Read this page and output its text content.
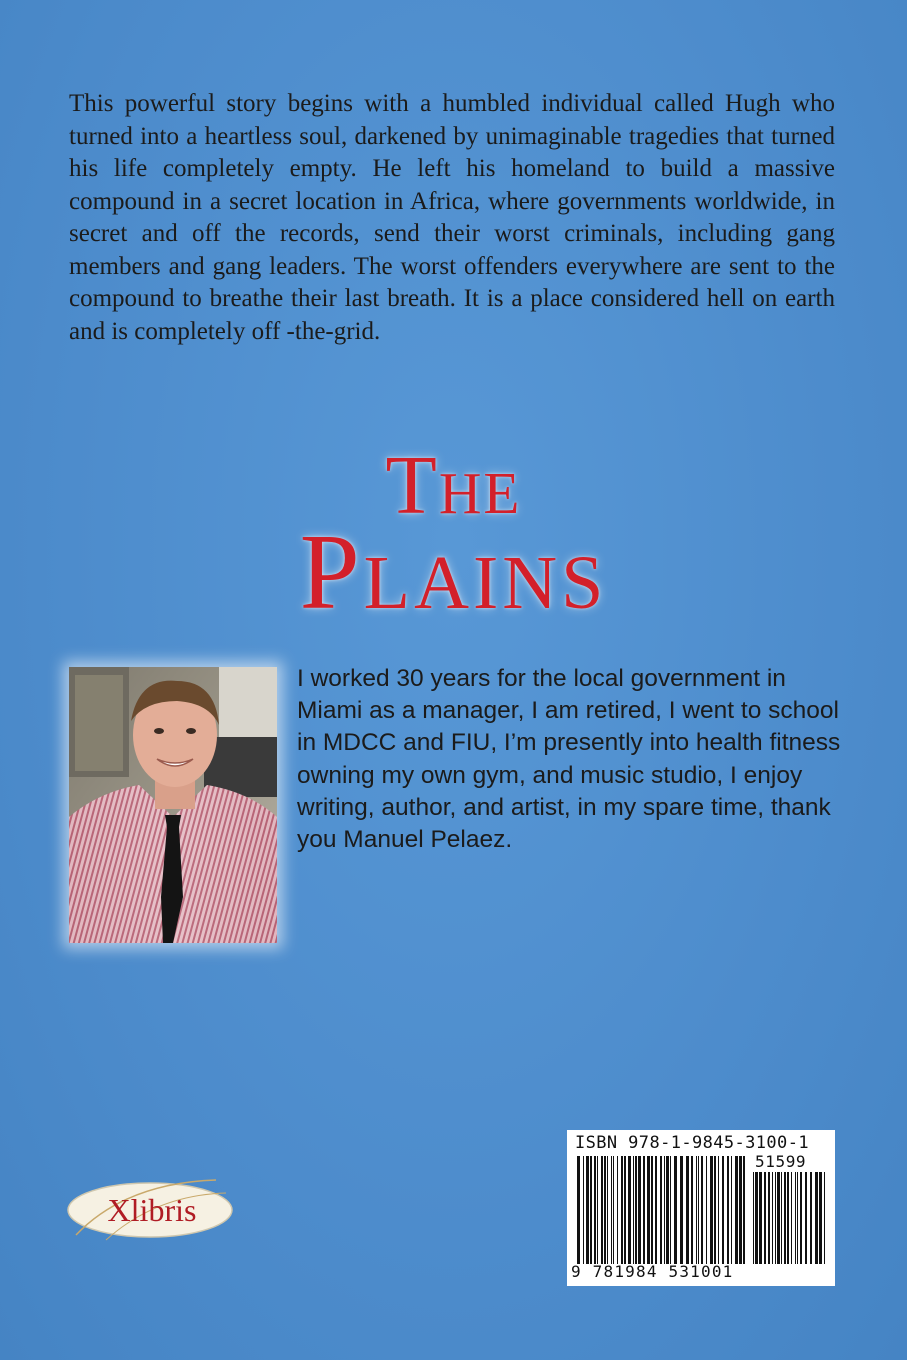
This powerful story begins with a humbled individual called Hugh who turned into a heartless soul, darkened by unimaginable tragedies that turned his life completely empty. He left his homeland to build a massive compound in a secret location in Africa, where governments worldwide, in secret and off the records, send their worst criminals, including gang members and gang leaders. The worst offenders everywhere are sent to the compound to breathe their last breath. It is a place considered hell on earth and is completely off -the-grid.

The
Plains

I worked 30 years for the local government in Miami as a manager, I am retired, I went to school in MDCC and FIU, I’m presently into health fitness owning my own gym, and music studio, I enjoy writing, author, and artist, in my spare time, thank you Manuel Pelaez.

Xlibris

ISBN 978-1-9845-3100-1

51599

9 781984 531001
